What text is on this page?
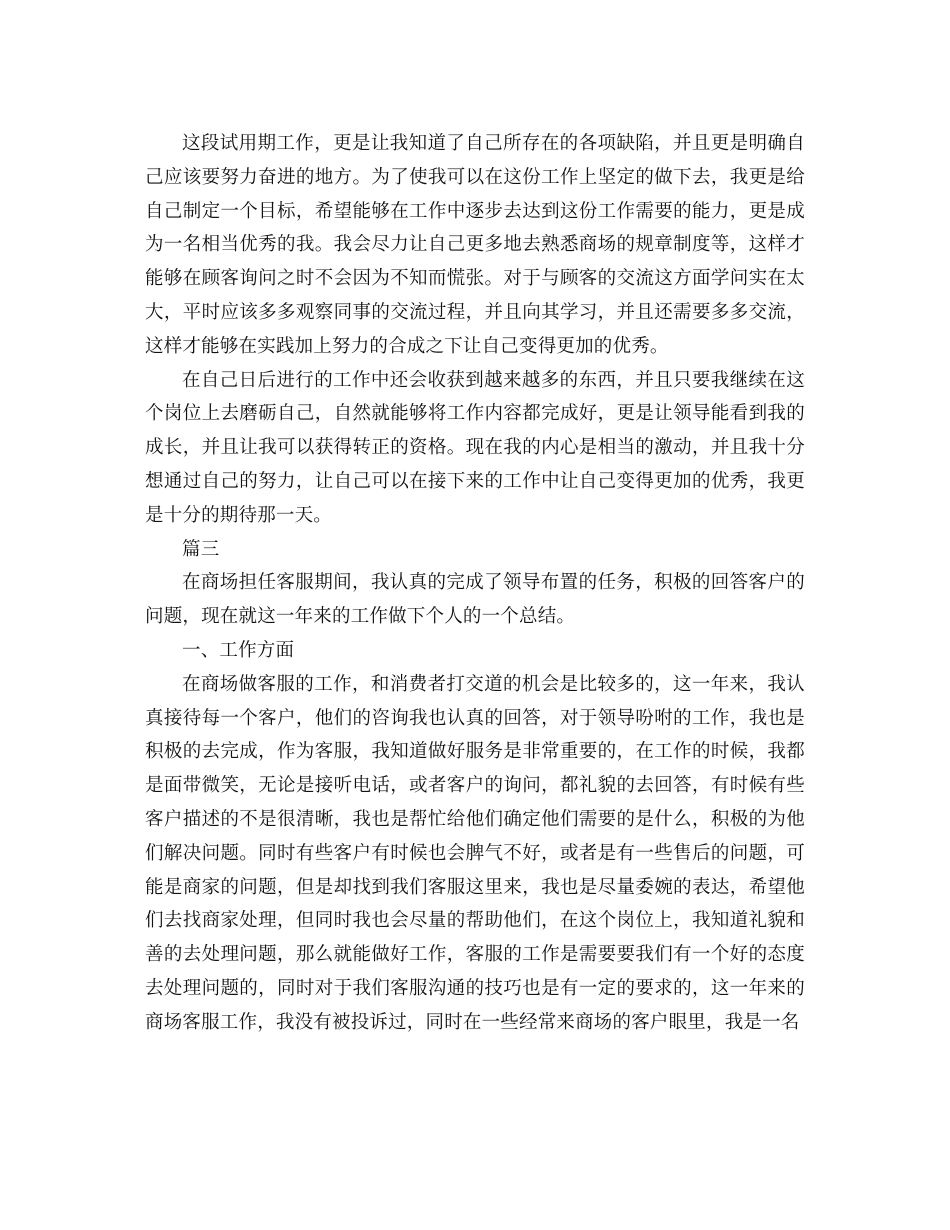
这段试用期工作，更是让我知道了自己所存在的各项缺陷，并且更是明确自己应该要努力奋进的地方。为了使我可以在这份工作上坚定的做下去，我更是给自己制定一个目标，希望能够在工作中逐步去达到这份工作需要的能力，更是成为一名相当优秀的我。我会尽力让自己更多地去熟悉商场的规章制度等，这样才能够在顾客询问之时不会因为不知而慌张。对于与顾客的交流这方面学问实在太大，平时应该多多观察同事的交流过程，并且向其学习，并且还需要多多交流，这样才能够在实践加上努力的合成之下让自己变得更加的优秀。

在自己日后进行的工作中还会收获到越来越多的东西，并且只要我继续在这个岗位上去磨砺自己，自然就能够将工作内容都完成好，更是让领导能看到我的成长，并且让我可以获得转正的资格。现在我的内心是相当的激动，并且我十分想通过自己的努力，让自己可以在接下来的工作中让自己变得更加的优秀，我更是十分的期待那一天。

篇三

在商场担任客服期间，我认真的完成了领导布置的任务，积极的回答客户的问题，现在就这一年来的工作做下个人的一个总结。

一、工作方面

在商场做客服的工作，和消费者打交道的机会是比较多的，这一年来，我认真接待每一个客户，他们的咨询我也认真的回答，对于领导吩咐的工作，我也是积极的去完成，作为客服，我知道做好服务是非常重要的，在工作的时候，我都是面带微笑，无论是接听电话，或者客户的询问，都礼貌的去回答，有时候有些客户描述的不是很清晰，我也是帮忙给他们确定他们需要的是什么，积极的为他们解决问题。同时有些客户有时候也会脾气不好，或者是有一些售后的问题，可能是商家的问题，但是却找到我们客服这里来，我也是尽量委婉的表达，希望他们去找商家处理，但同时我也会尽量的帮助他们，在这个岗位上，我知道礼貌和善的去处理问题，那么就能做好工作，客服的工作是需要要我们有一个好的态度去处理问题的，同时对于我们客服沟通的技巧也是有一定的要求的，这一年来的商场客服工作，我没有被投诉过，同时在一些经常来商场的客户眼里，我是一名
